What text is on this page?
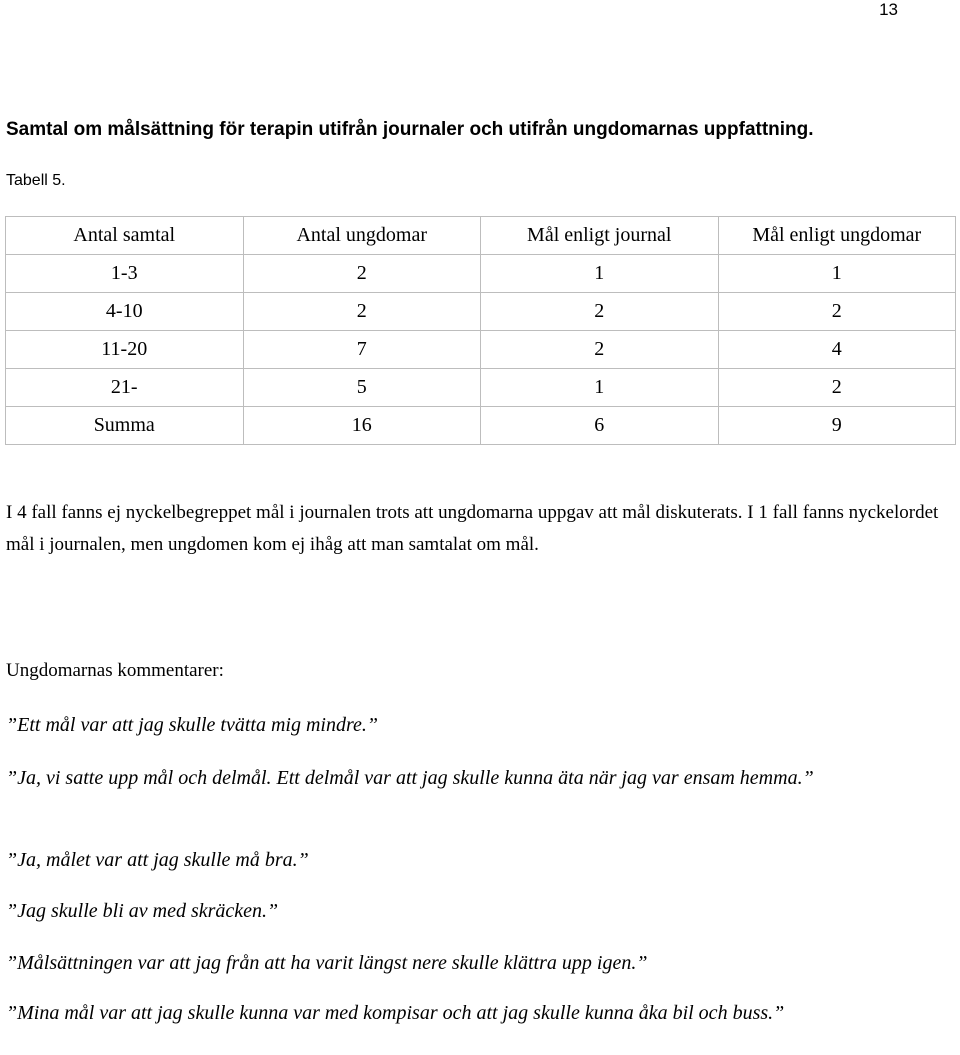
13
Samtal om målsättning för terapin utifrån journaler och utifrån ungdomarnas uppfattning.
Tabell 5.
Antal samtal	Antal ungdomar	Mål enligt journal	Mål enligt ungdomar
1-3	2	1	1
4-10	2	2	2
11-20	7	2	4
21-	5	1	2
Summa	16	6	9

I 4 fall fanns ej nyckelbegreppet mål i journalen trots att ungdomarna uppgav att mål diskuterats. I 1 fall fanns nyckelordet mål i journalen, men ungdomen kom ej ihåg att man samtalat om mål.

Ungdomarnas kommentarer:

”Ett mål var att jag skulle tvätta mig mindre.”

”Ja, vi satte upp mål och delmål. Ett delmål var att jag skulle kunna äta när jag var ensam hemma.”

”Ja, målet var att jag skulle må bra.”

”Jag skulle bli av med skräcken.”

”Målsättningen var att jag från att ha varit längst nere skulle klättra upp igen.”

”Mina mål var att jag skulle kunna var med kompisar och att jag skulle kunna åka bil och buss.”
